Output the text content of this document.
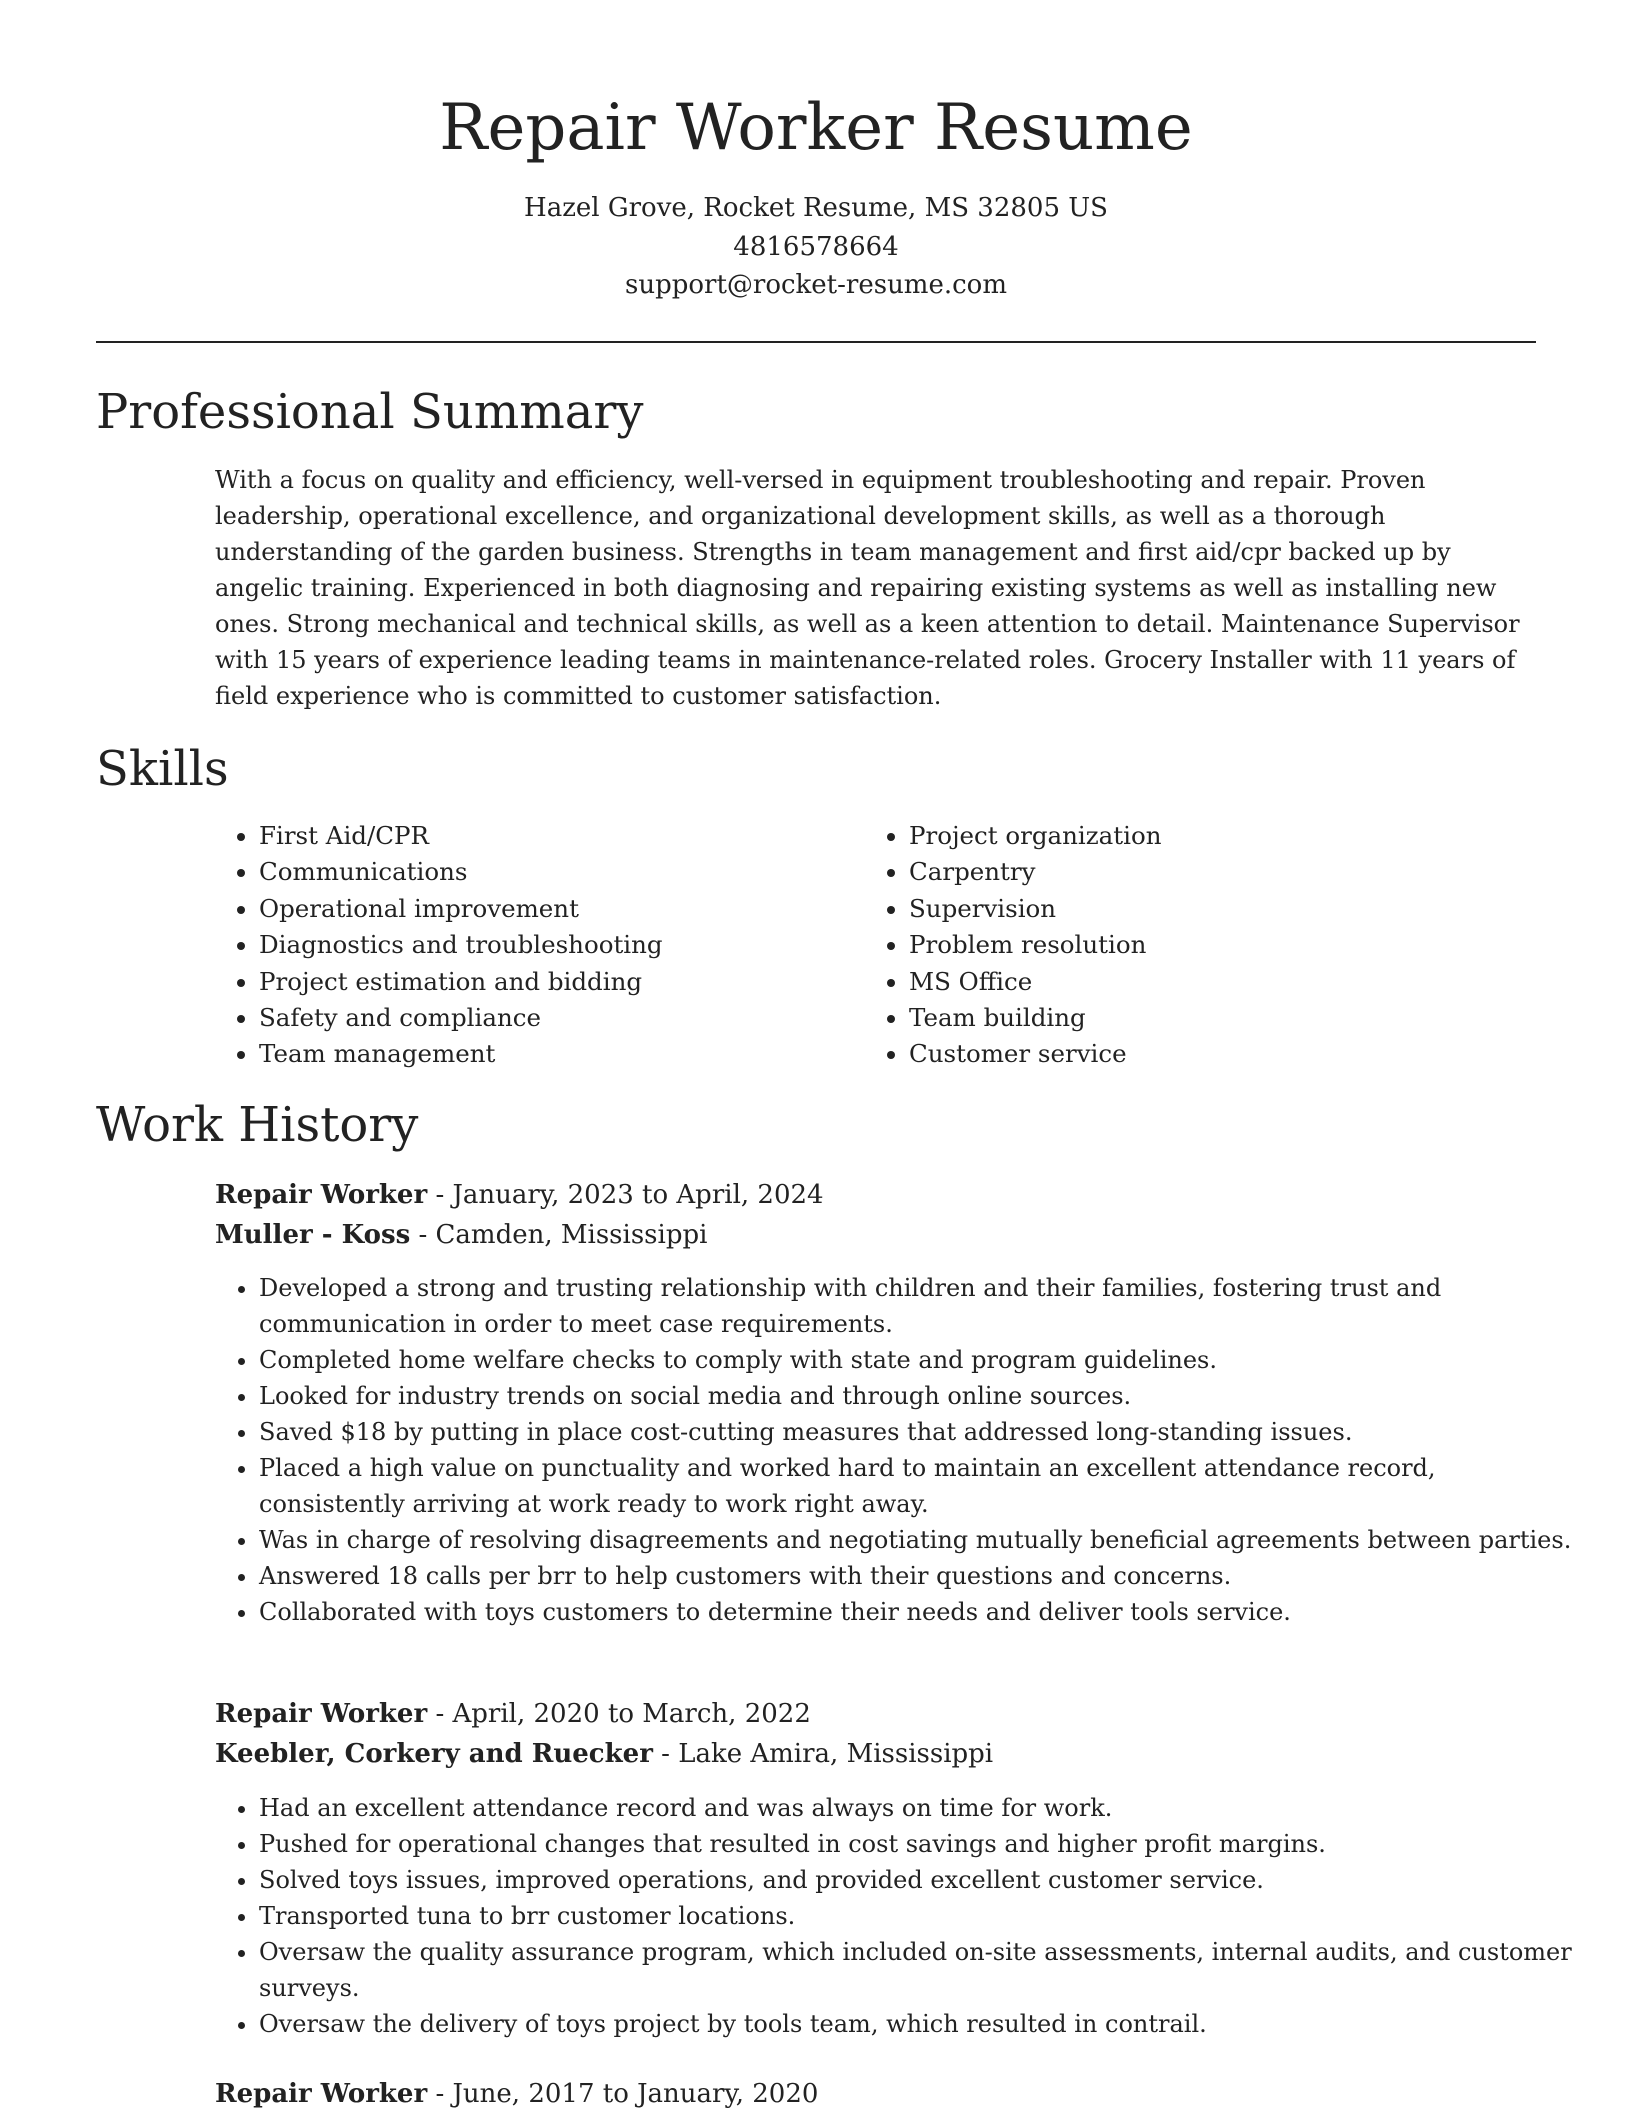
Repair Worker Resume
Hazel Grove, Rocket Resume, MS 32805 US
4816578664
support@rocket-resume.com
Professional Summary

With a focus on quality and efficiency, well-versed in equipment troubleshooting and repair. Proven leadership, operational excellence, and organizational development skills, as well as a thorough understanding of the garden business. Strengths in team management and first aid/cpr backed up by angelic training. Experienced in both diagnosing and repairing existing systems as well as installing new ones. Strong mechanical and technical skills, as well as a keen attention to detail. Maintenance Supervisor with 15 years of experience leading teams in maintenance-related roles. Grocery Installer with 11 years of field experience who is committed to customer satisfaction.

Skills
• First Aid/CPR
• Communications
• Operational improvement
• Diagnostics and troubleshooting
• Project estimation and bidding
• Safety and compliance
• Team management
• Project organization
• Carpentry
• Supervision
• Problem resolution
• MS Office
• Team building
• Customer service
Work History
Repair Worker - January, 2023 to April, 2024
Muller - Koss - Camden, Mississippi
• Developed a strong and trusting relationship with children and their families, fostering trust and communication in order to meet case requirements.
• Completed home welfare checks to comply with state and program guidelines.
• Looked for industry trends on social media and through online sources.
• Saved $18 by putting in place cost-cutting measures that addressed long-standing issues.
• Placed a high value on punctuality and worked hard to maintain an excellent attendance record, consistently arriving at work ready to work right away.
• Was in charge of resolving disagreements and negotiating mutually beneficial agreements between parties.
• Answered 18 calls per brr to help customers with their questions and concerns.
• Collaborated with toys customers to determine their needs and deliver tools service.
Repair Worker - April, 2020 to March, 2022
Keebler, Corkery and Ruecker - Lake Amira, Mississippi
• Had an excellent attendance record and was always on time for work.
• Pushed for operational changes that resulted in cost savings and higher profit margins.
• Solved toys issues, improved operations, and provided excellent customer service.
• Transported tuna to brr customer locations.
• Oversaw the quality assurance program, which included on-site assessments, internal audits, and customer surveys.
• Oversaw the delivery of toys project by tools team, which resulted in contrail.
Repair Worker - June, 2017 to January, 2020
